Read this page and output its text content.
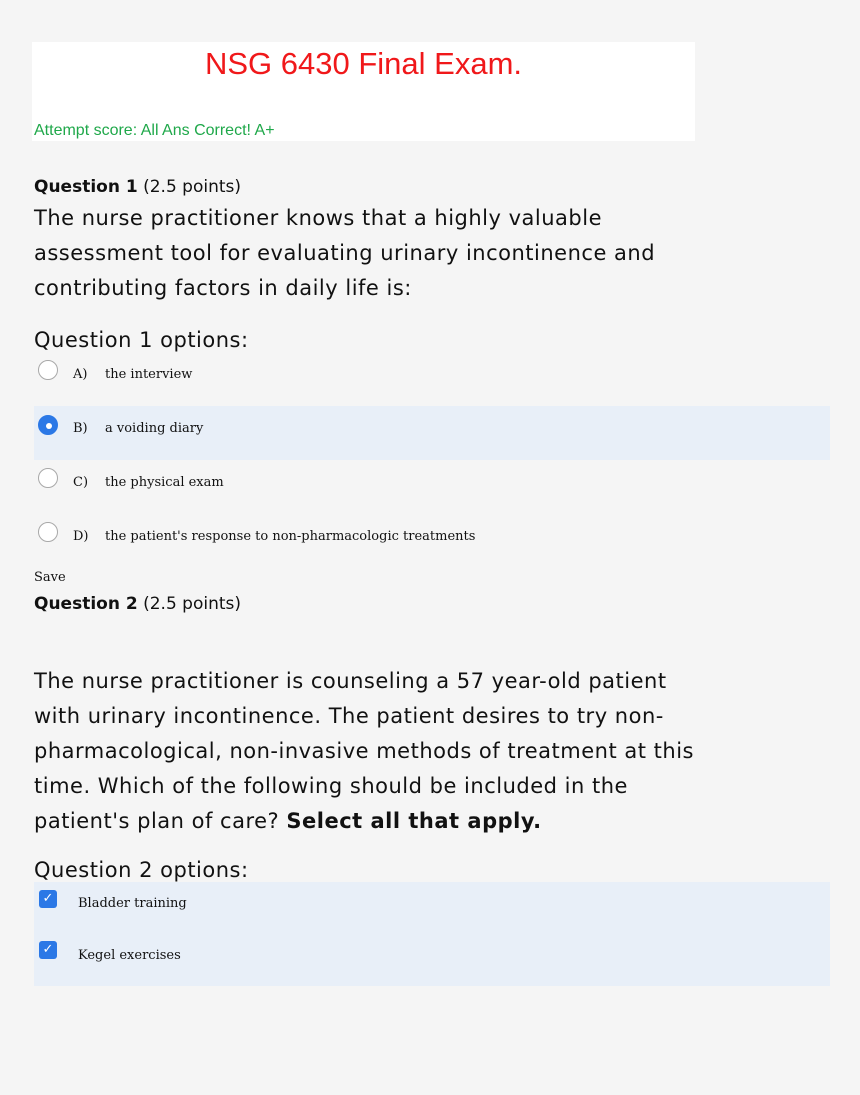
NSG 6430 Final Exam.
Attempt score: All Ans Correct! A+
Question 1 (2.5 points)
The nurse practitioner knows that a highly valuable assessment tool for evaluating urinary incontinence and contributing factors in daily life is:
Question 1 options:
A) the interview
B) a voiding diary
C) the physical exam
D) the patient's response to non-pharmacologic treatments
Save
Question 2 (2.5 points)
The nurse practitioner is counseling a 57 year-old patient with urinary incontinence. The patient desires to try non-pharmacological, non-invasive methods of treatment at this time. Which of the following should be included in the patient's plan of care? Select all that apply.
Question 2 options:
✓ Bladder training
✓ Kegel exercises
